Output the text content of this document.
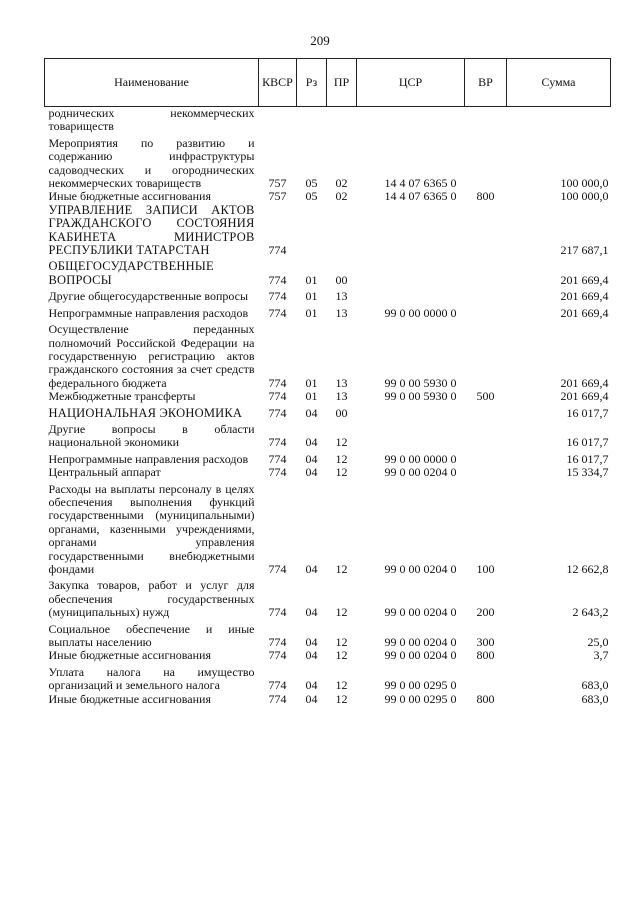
209
Наименование	КВСР	Рз	ПР	ЦСР	ВР	Сумма
роднических некоммерческих товариществ						
Мероприятия по развитию и содержанию инфраструктуры садоводческих и огороднических некоммерческих товариществ	757	05	02	14 4 07 6365 0		100 000,0
Иные бюджетные ассигнования	757	05	02	14 4 07 6365 0	800	100 000,0
УПРАВЛЕНИЕ ЗАПИСИ АКТОВ ГРАЖДАНСКОГО СОСТОЯНИЯ КАБИНЕТА МИНИСТРОВ РЕСПУБЛИКИ ТАТАРСТАН	774					217 687,1
ОБЩЕГОСУДАРСТВЕННЫЕ ВОПРОСЫ	774	01	00			201 669,4
Другие общегосударственные вопросы	774	01	13			201 669,4
Непрограммные направления расходов	774	01	13	99 0 00 0000 0		201 669,4
Осуществление переданных полномочий Российской Федерации на государственную регистрацию актов гражданского состояния за счет средств федерального бюджета	774	01	13	99 0 00 5930 0		201 669,4
Межбюджетные трансферты	774	01	13	99 0 00 5930 0	500	201 669,4
НАЦИОНАЛЬНАЯ ЭКОНОМИКА	774	04	00			16 017,7
Другие вопросы в области национальной экономики	774	04	12			16 017,7
Непрограммные направления расходов	774	04	12	99 0 00 0000 0		16 017,7
Центральный аппарат	774	04	12	99 0 00 0204 0		15 334,7
Расходы на выплаты персоналу в целях обеспечения выполнения функций государственными (муниципальными) органами, казенными учреждениями, органами управления государственными внебюджетными фондами	774	04	12	99 0 00 0204 0	100	12 662,8
Закупка товаров, работ и услуг для обеспечения государственных (муниципальных) нужд	774	04	12	99 0 00 0204 0	200	2 643,2
Социальное обеспечение и иные выплаты населению	774	04	12	99 0 00 0204 0	300	25,0
Иные бюджетные ассигнования	774	04	12	99 0 00 0204 0	800	3,7
Уплата налога на имущество организаций и земельного налога	774	04	12	99 0 00 0295 0		683,0
Иные бюджетные ассигнования	774	04	12	99 0 00 0295 0	800	683,0
